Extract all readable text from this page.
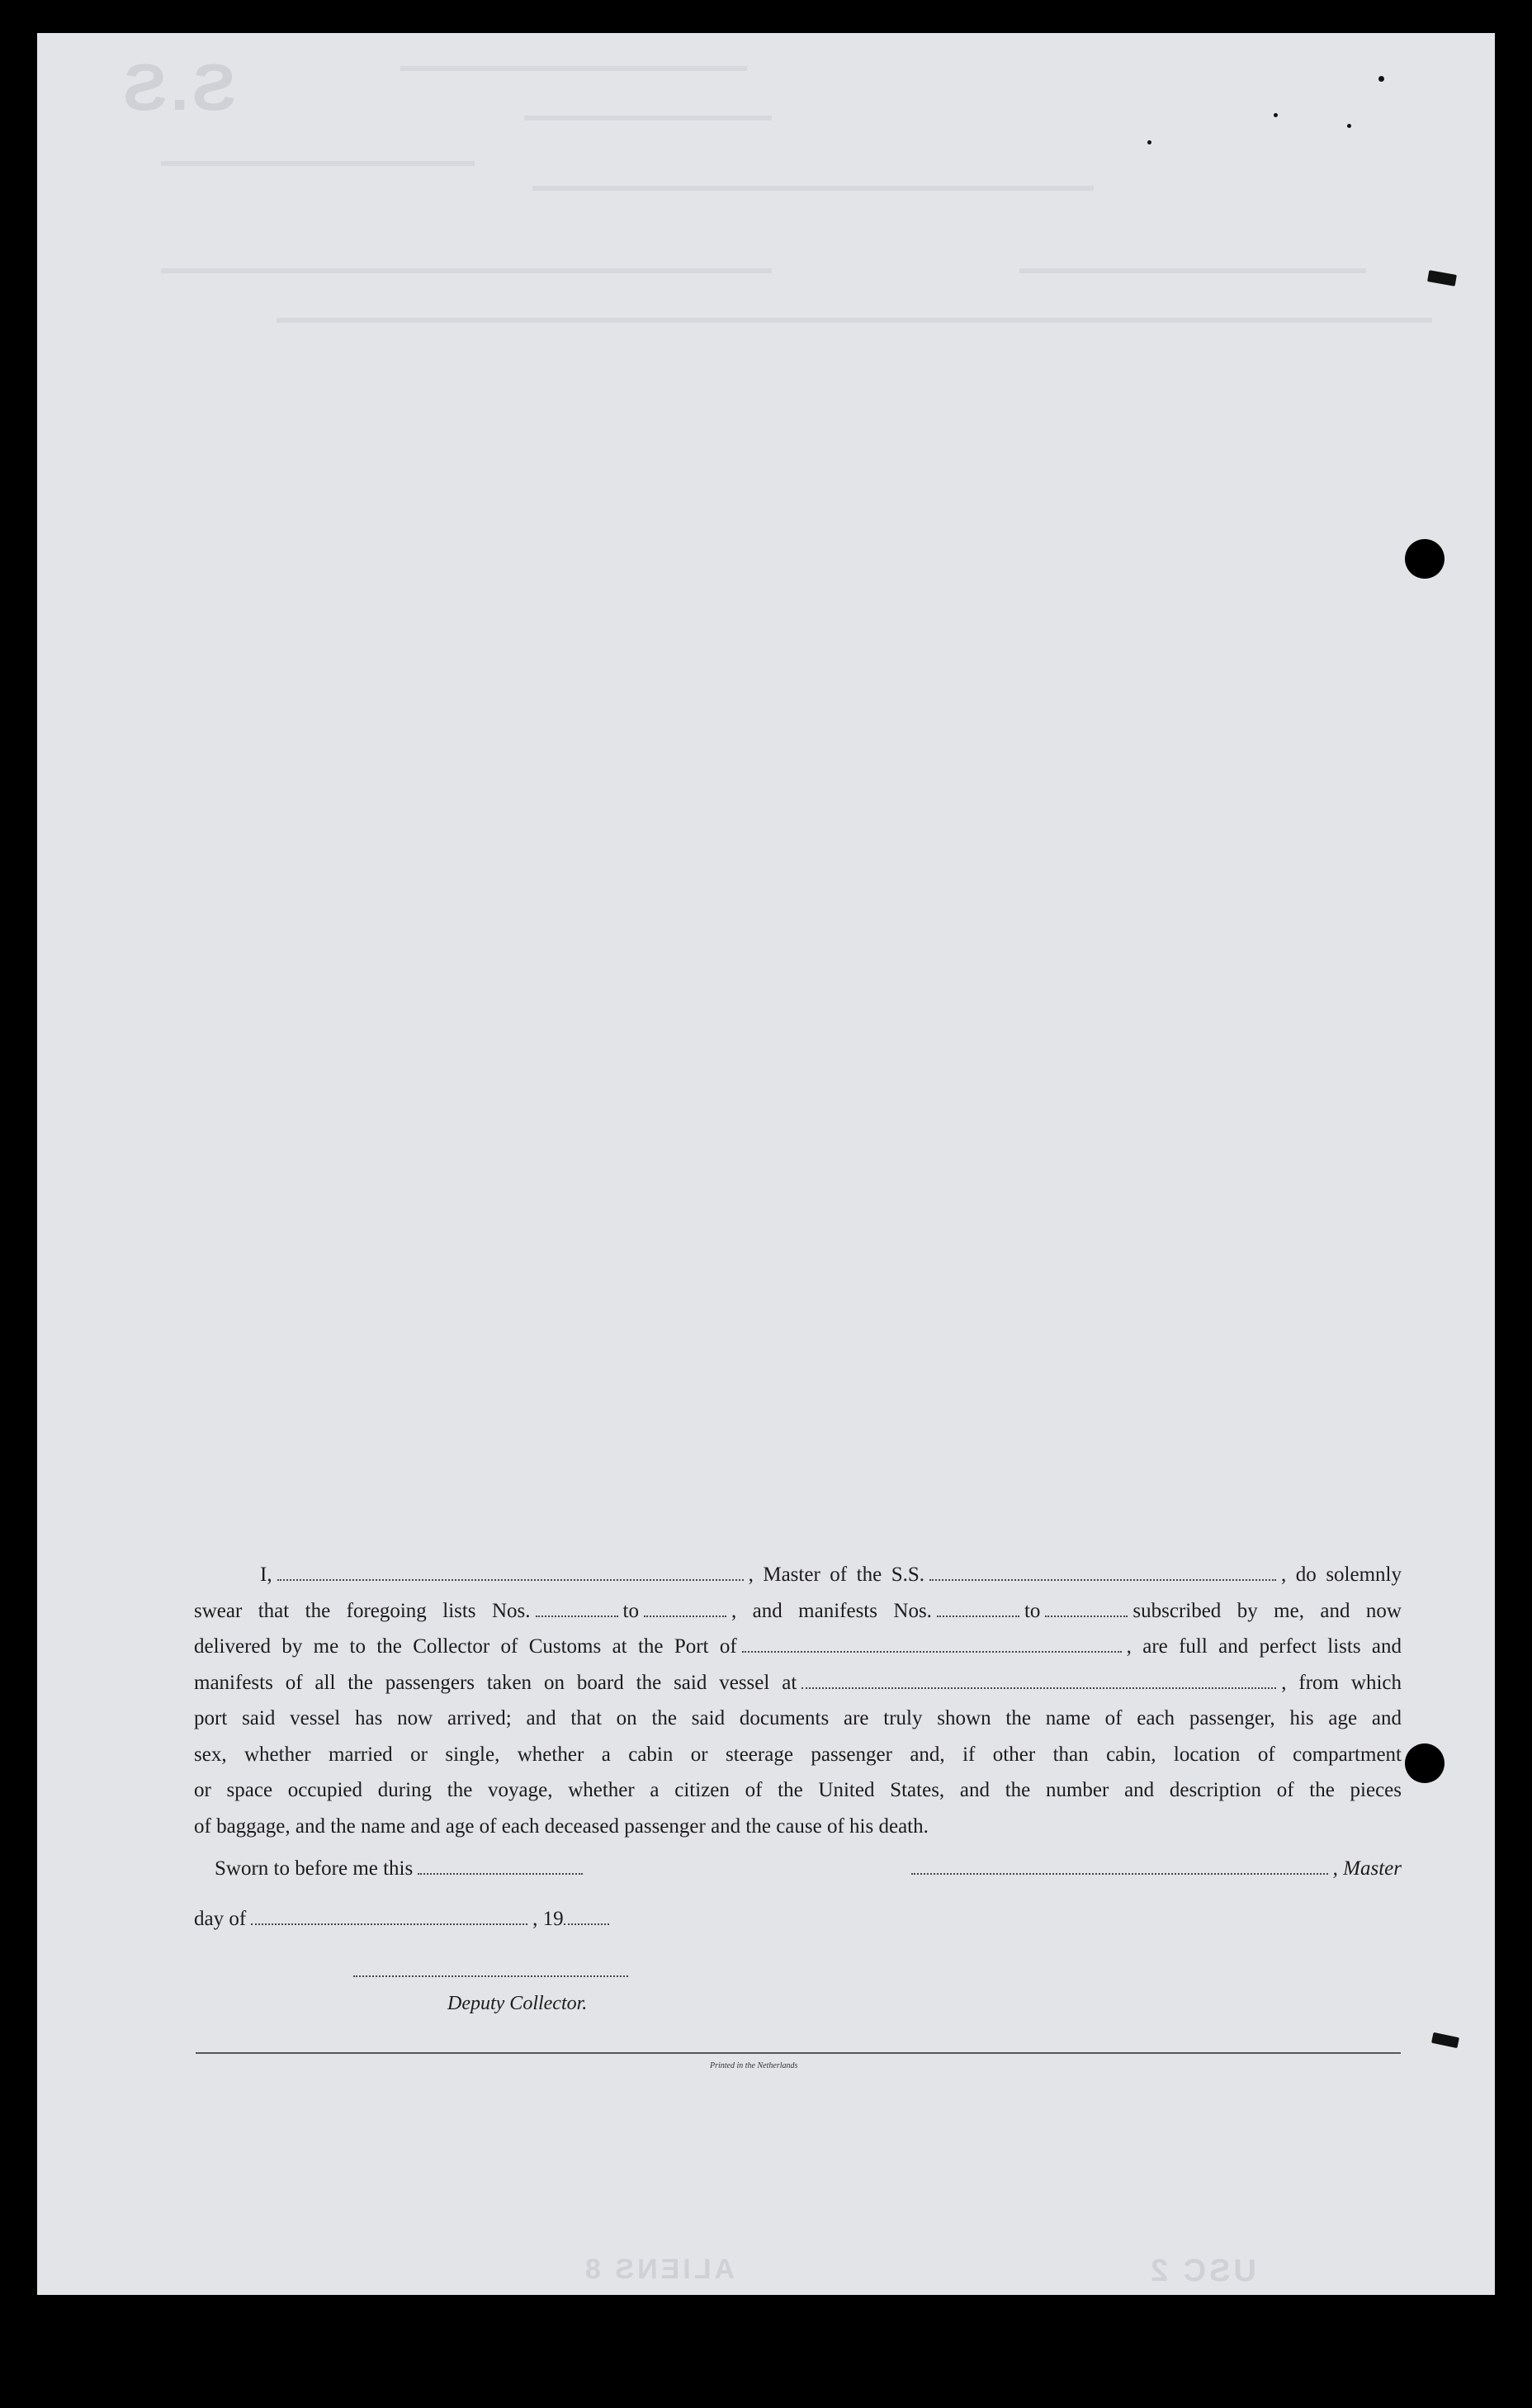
S.S
ALIENS 8	USC 2

I,	, Master of the S.S.	, do solemnly

swear that the foregoing lists Nos.	to	, and manifests Nos.	to	subscribed by me, and now

delivered by me to the Collector of Customs at the Port of	, are full and perfect lists and

manifests of all the passengers taken on board the said vessel at	, from which

port said vessel has now arrived; and that on the said documents are truly shown the name of each passenger, his age and

sex, whether married or single, whether a cabin or steerage passenger and, if other than cabin, location of compartment

or space occupied during the voyage, whether a citizen of the United States, and the number and description of the pieces

of baggage, and the name and age of each deceased passenger and the cause of his death.

Sworn to before me this	, Master
day of	, 19
Deputy Collector.
Printed in the Netherlands
